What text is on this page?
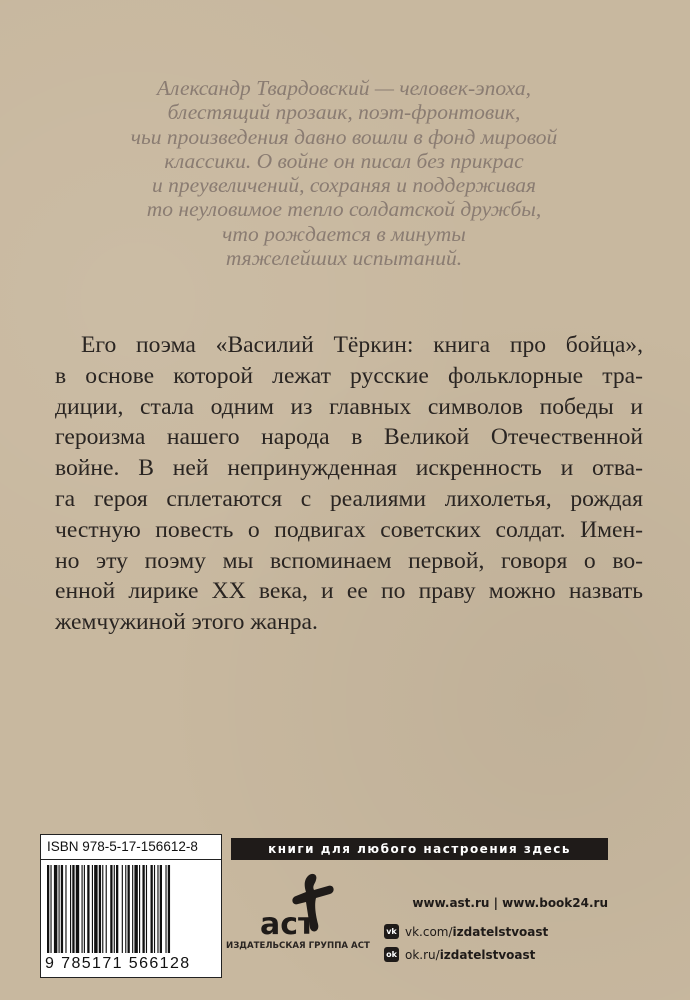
Александр Твардовский — человек-эпоха,
блестящий прозаик, поэт-фронтовик,
чьи произведения давно вошли в фонд мировой
классики. О войне он писал без прикрас
и преувеличений, сохраняя и поддерживая
то неуловимое тепло солдатской дружбы,
что рождается в минуты
тяжелейших испытаний.
Его поэма «Василий Тёркин: книга про бойца»,
в основе которой лежат русские фольклорные тра-
диции, стала одним из главных символов победы и
героизма нашего народа в Великой Отечественной
войне. В ней непринужденная искренность и отва-
га героя сплетаются с реалиями лихолетья, рождая
честную повесть о подвигах советских солдат. Имен-
но эту поэму мы вспоминаем первой, говоря о во-
енной лирике XX века, и ее по праву можно назвать
жемчужиной этого жанра.
ISBN 978-5-17-156612-8
9 785171 566128
книги для любого настроения здесь
аст
ИЗДАТЕЛЬСКАЯ ГРУППА АСТ
www.ast.ru | www.book24.ru
vk vk.com/izdatelstvoast
ok ok.ru/izdatelstvoast
